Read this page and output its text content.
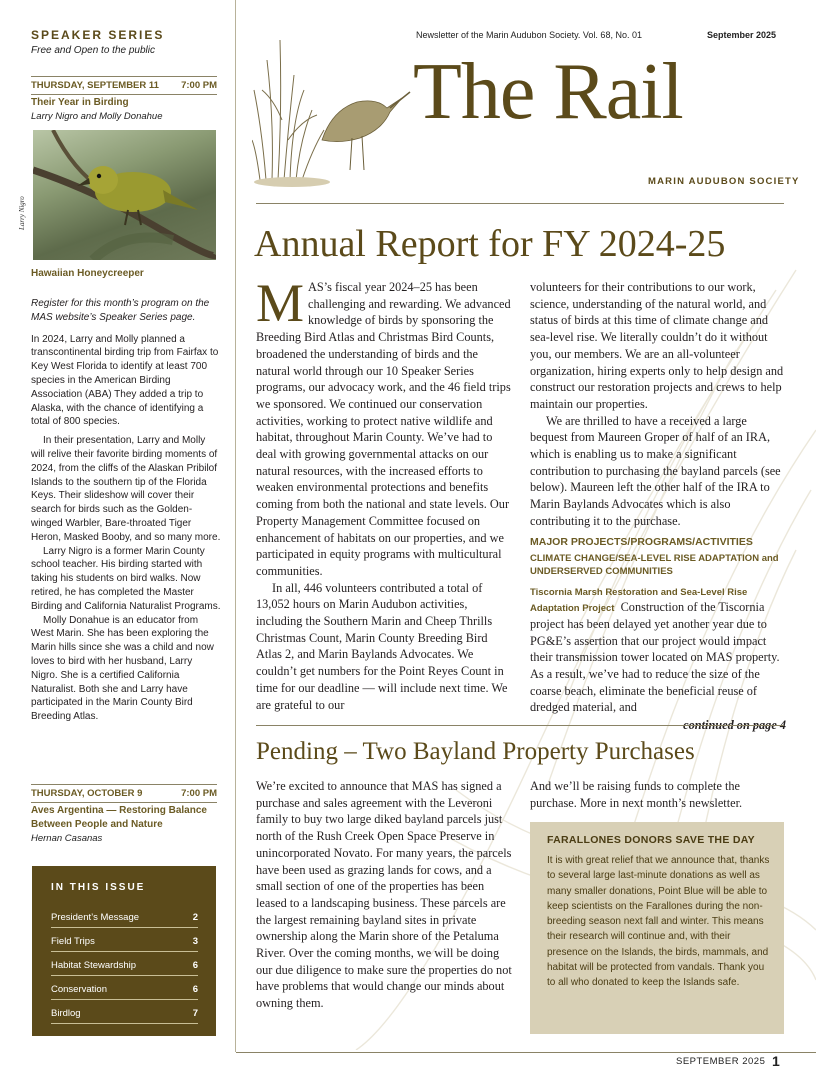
SPEAKER SERIES
Free and Open to the public
THURSDAY, SEPTEMBER 11 7:00 PM
Their Year in Birding
Larry Nigro and Molly Donahue
Larry Nigro
Hawaiian Honeycreeper

Register for this month’s program on the MAS website’s Speaker Series page.

In 2024, Larry and Molly planned a transcontinental birding trip from Fairfax to Key West Florida to identify at least 700 species in the American Birding Association (ABA) They added a trip to Alaska, with the chance of identifying a total of 800 species.

In their presentation, Larry and Molly will relive their favorite birding moments of 2024, from the cliffs of the Alaskan Pribilof Islands to the southern tip of the Florida Keys. Their slideshow will cover their search for birds such as the Golden-winged Warbler, Bare-throated Tiger Heron, Masked Booby, and so many more.

Larry Nigro is a former Marin County school teacher. His birding started with taking his students on bird walks. Now retired, he has completed the Master Birding and California Naturalist Programs.

Molly Donahue is an educator from West Marin. She has been exploring the Marin hills since she was a child and now loves to bird with her husband, Larry Nigro. She is a certified California Naturalist. Both she and Larry have participated in the Marin County Bird Breeding Atlas.

THURSDAY, OCTOBER 9	7:00 PM
Aves Argentina — Restoring Balance Between People and Nature
Hernan Casanas
IN THIS ISSUE
President’s Message	2
Field Trips	3
Habitat Stewardship	6
Conservation	6
Birdlog	7
Newsletter of the Marin Audubon Society. Vol. 68, No. 01	September 2025
The Rail
MARIN AUDUBON SOCIETY
Annual Report for FY 2024-25

MAS’s fiscal year 2024–25 has been challenging and rewarding. We advanced knowledge of birds by sponsoring the Breeding Bird Atlas and Christmas Bird Counts, broadened the understanding of birds and the natural world through our 10 Speaker Series programs, our advocacy work, and the 46 field trips we sponsored. We continued our conservation activities, working to protect native wildlife and habitat, throughout Marin County. We’ve had to deal with growing governmental attacks on our natural resources, with the increased efforts to weaken environmental protections and benefits coming from both the national and state levels. Our Property Management Committee focused on enhancement of habitats on our properties, and we participated in equity programs with multicultural communities.

In all, 446 volunteers contributed a total of 13,052 hours on Marin Audubon activities, including the Southern Marin and Cheep Thrills Christmas Count, Marin County Breeding Bird Atlas 2, and Marin Baylands Advocates. We couldn’t get numbers for the Point Reyes Count in time for our deadline — will include next time. We are grateful to our

volunteers for their contributions to our work, science, understanding of the natural world, and status of birds at this time of climate change and sea-level rise. We literally couldn’t do it without you, our members. We are an all-volunteer organization, hiring experts only to help design and construct our restoration projects and crews to help maintain our properties.

We are thrilled to have a received a large bequest from Maureen Groper of half of an IRA, which is enabling us to make a significant contribution to purchasing the bayland parcels (see below). Maureen left the other half of the IRA to Marin Baylands Advocates which is also contributing it to the purchase.

MAJOR PROJECTS/PROGRAMS/ACTIVITIES
CLIMATE CHANGE/SEA-LEVEL RISE ADAPTATION and UNDERSERVED COMMUNITIES

Tiscornia Marsh Restoration and Sea-Level Rise Adaptation Project Construction of the Tiscornia project has been delayed yet another year due to PG&E’s assertion that our project would impact their transmission tower located on MAS property. As a result, we’ve had to reduce the size of the coarse beach, eliminate the beneficial reuse of dredged material, and

continued on page 4
Pending – Two Bayland Property Purchases

We’re excited to announce that MAS has signed a purchase and sales agreement with the Leveroni family to buy two large diked bayland parcels just north of the Rush Creek Open Space Preserve in unincorporated Novato. For many years, the parcels have been used as grazing lands for cows, and a small section of one of the properties has been leased to a landscaping business. These parcels are the largest remaining bayland sites in private ownership along the Marin shore of the Petaluma River. Over the coming months, we will be doing our due diligence to make sure the properties do not have problems that would change our minds about owning them.

And we’ll be raising funds to complete the purchase. More in next month’s newsletter.

FARALLONES DONORS SAVE THE DAY
It is with great relief that we announce that, thanks to several large last-minute donations as well as many smaller donations, Point Blue will be able to keep scientists on the Farallones during the non-breeding season next fall and winter. This means their research will continue and, with their presence on the Islands, the birds, mammals, and habitat will be protected from vandals. Thank you to all who donated to keep the Islands safe.
SEPTEMBER 2025 1
